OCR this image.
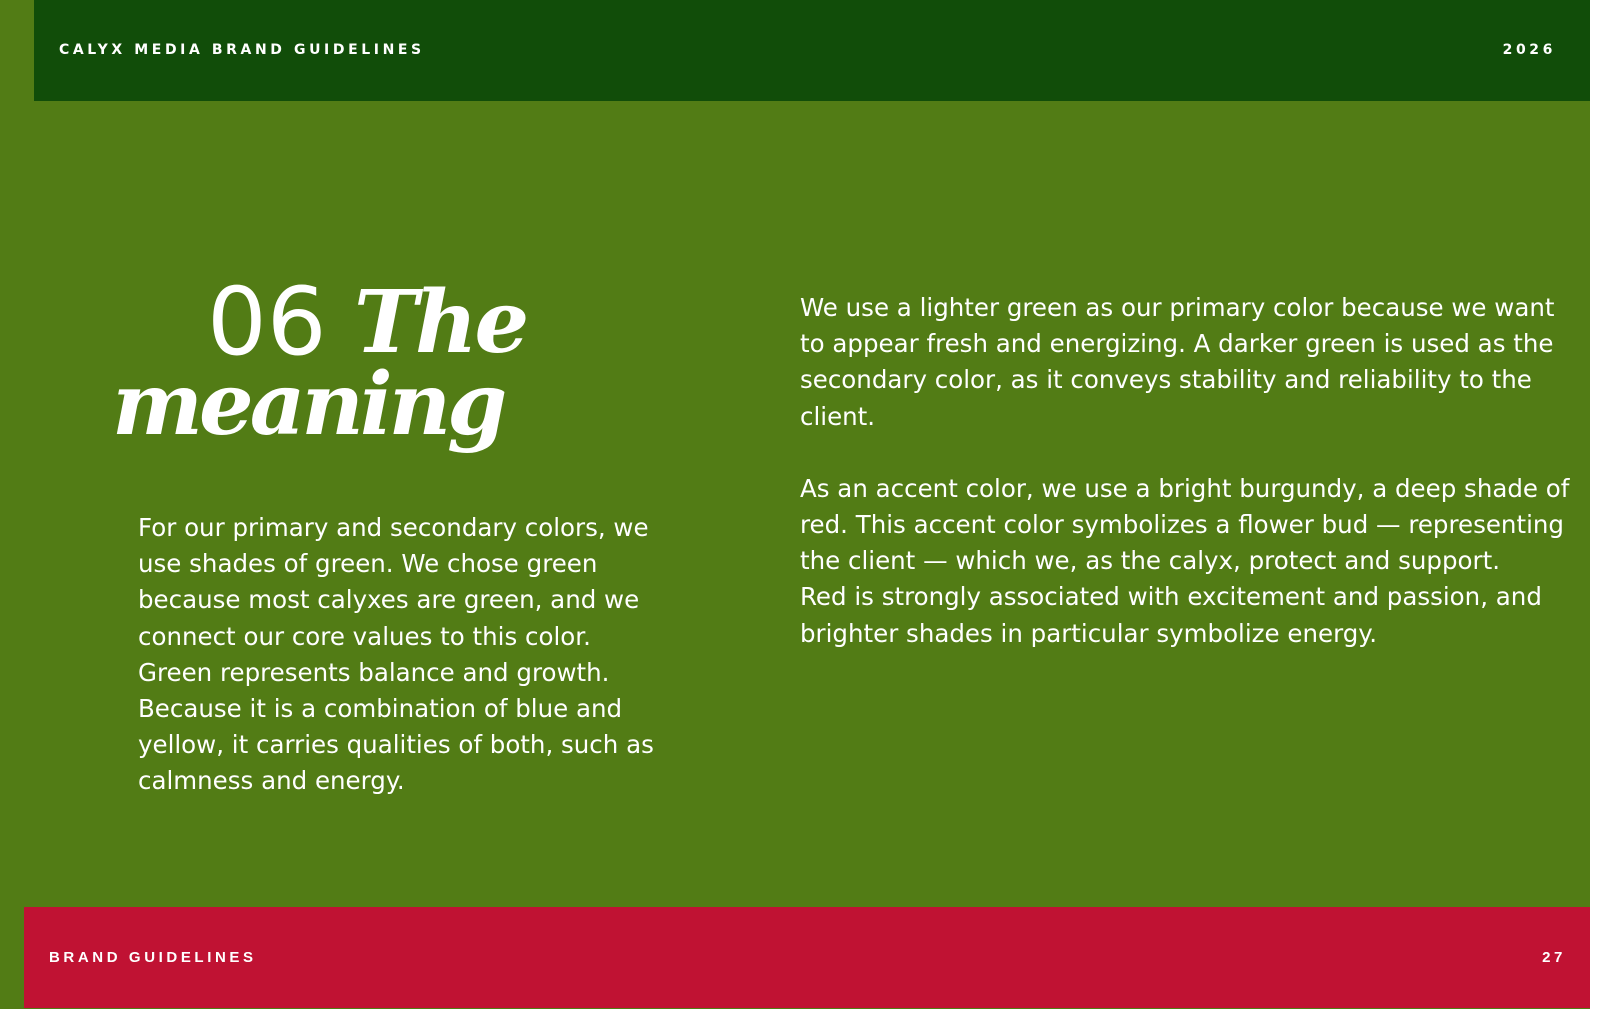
CALYX MEDIA BRAND GUIDELINES	2026
06 The
meaning

For our primary and secondary colors, we use shades of green. We chose green because most calyxes are green, and we connect our core values to this color.

Green represents balance and growth. Because it is a combination of blue and yellow, it carries qualities of both, such as calmness and energy.

We use a lighter green as our primary color because we want to appear fresh and energizing. A darker green is used as the secondary color, as it conveys stability and reliability to the client.

As an accent color, we use a bright burgundy, a deep shade of red. This accent color symbolizes a flower bud — representing the client — which we, as the calyx, protect and support.

Red is strongly associated with excitement and passion, and brighter shades in particular symbolize energy.

BRAND GUIDELINES	27
